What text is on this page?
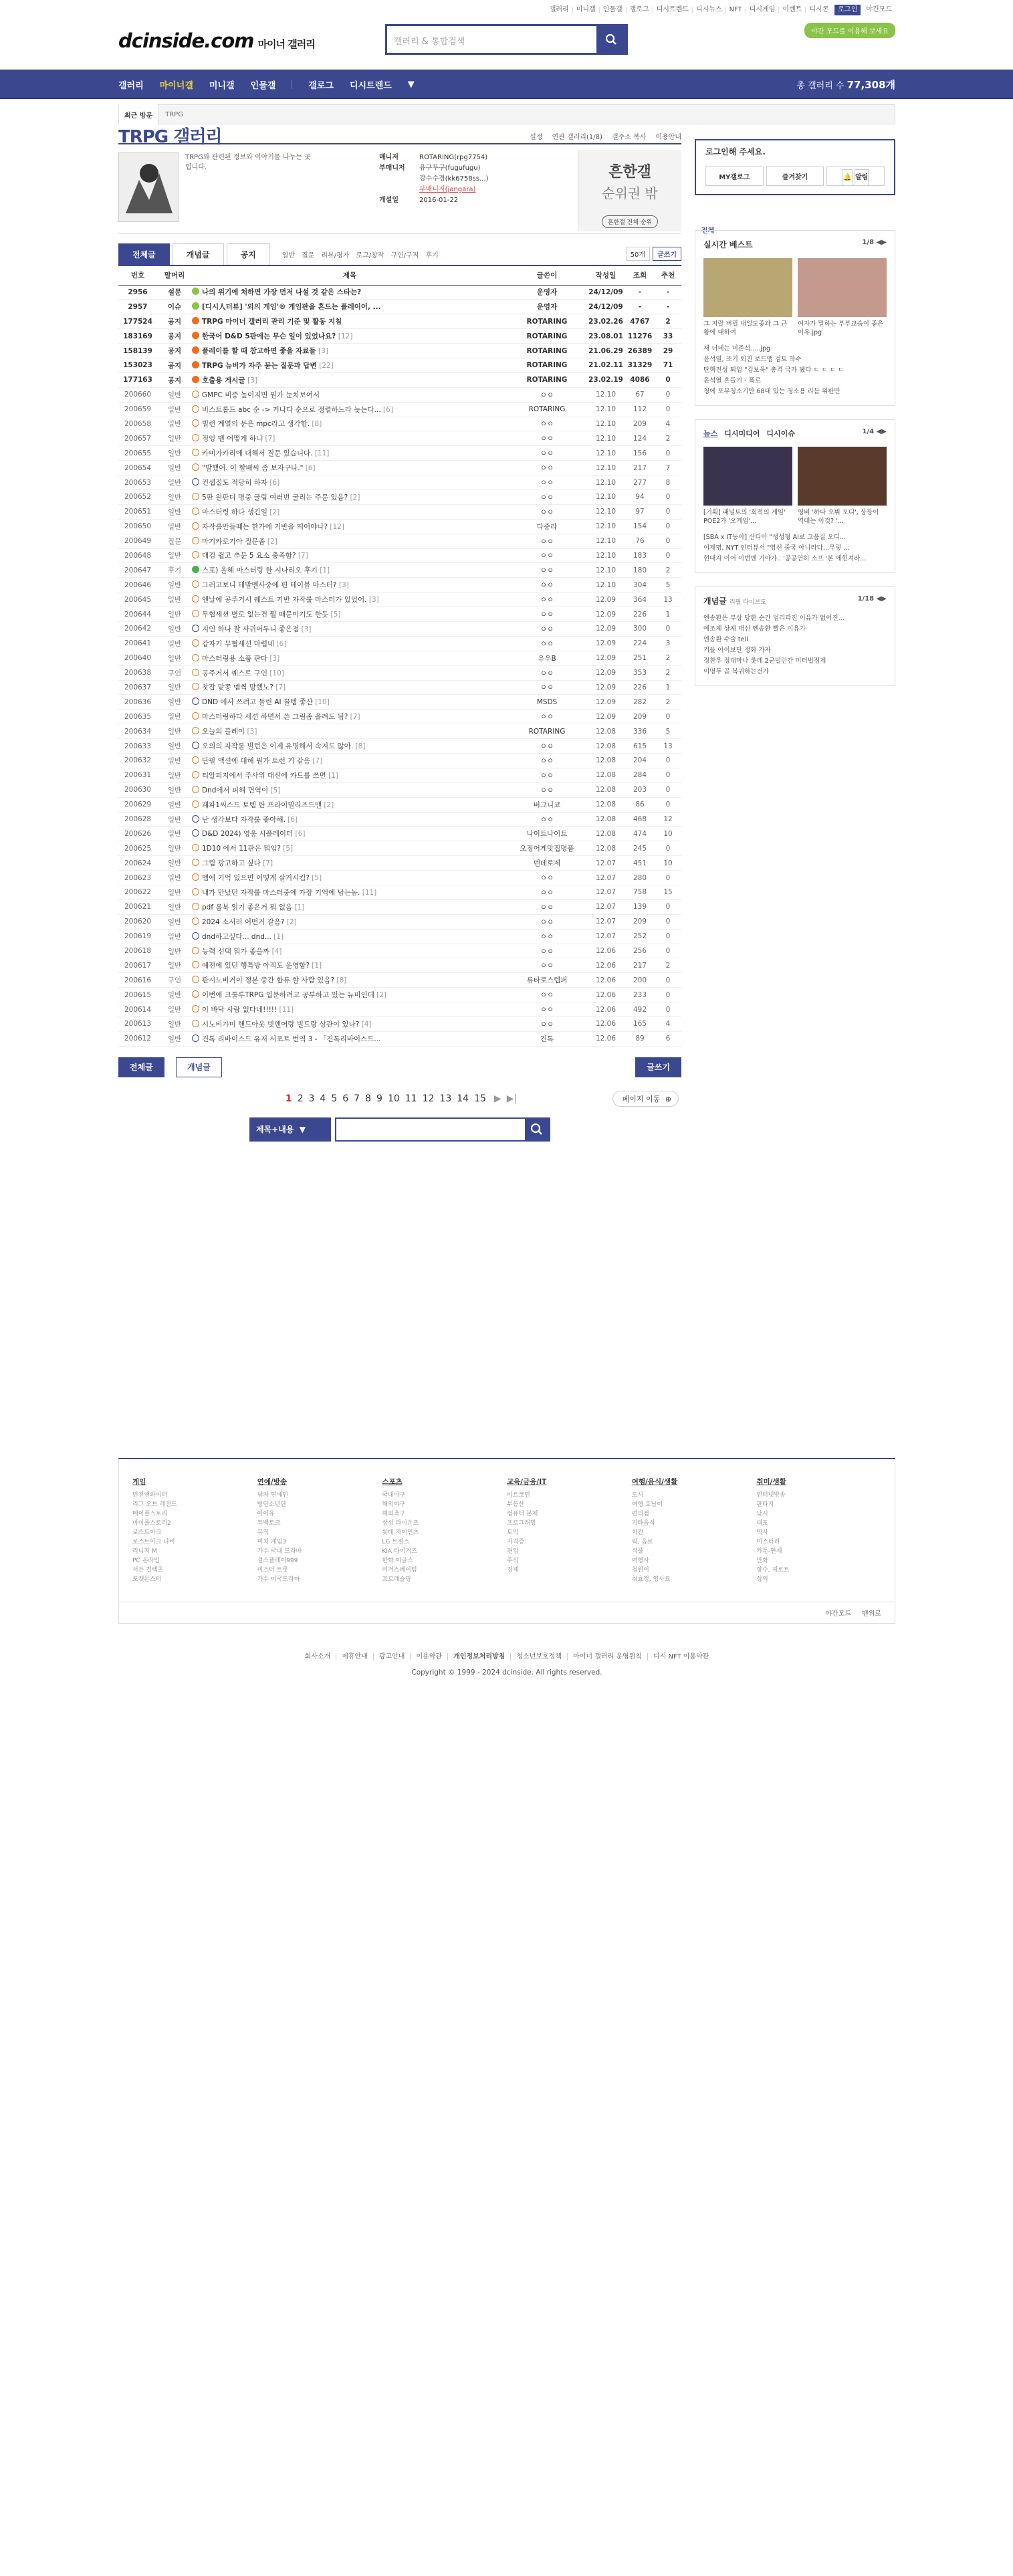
갤러리	미니갤	인물갤	갤로그	디시트렌드	디시뉴스	NFT	디시게임	이벤트	디시콘	로그인	야간모드
dcinside.com 마이너 갤러리	갤러리 & 통합검색
야간 모드를 이용해 보세요
갤러리 마이너갤 미니갤 인물갤	갤로그 디시트렌드 ▼	총 갤러리 수 77,308개
최근 방문	TRPG
전체
TRPG 갤러리	설정 연관 갤러리(1/8) 갤주소 복사 이용안내
TRPG와 관련된 정보와 이야기를 나누는 곳입니다.
매니저	ROTARING(rpg7754)
부매니저 유구무구(fugufugu)
강수수경(kk6758ss...)
부매니저(jangara)
개설일	2016-01-22
흔한갤
순위권 밖
흔한갤 전체 순위
전체글	개념글	공지	일반 질문 리뷰/평가 로그/창작 구인/구직 후기	50개	글쓰기
번호	말머리	제목	글쓴이	작성일	조회	추천
2956	설문	나의 위기에 처하면 가장 먼저 나설 것 같은 스타는?	운영자	24/12/09	-	-
2957	이슈	[디시人터뷰] '외의 게임'® 게임판을 흔드는 플레이어, ...	운영자	24/12/09	-	-
177524	공지	TRPG 마이너 갤러리 관리 기준 및 활동 지침	ROTARING	23.02.26	4767	2
183169	공지	한국어 D&D 5판에는 무슨 일이 있었나요? [12]	ROTARING	23.08.01	11276	33
158139	공지	플레이를 할 때 참고하면 좋을 자료들 [3]	ROTARING	21.06.29	26389	29
153023	공지	TRPG 뉴비가 자주 묻는 질문과 답변 [22]	ROTARING	21.02.11	31329	71
177163	공지	호출용 게시글 [3]	ROTARING	23.02.19	4086	0
200660	일반	GMPC 비중 높이지면 뭔가 눈치보여서	ㅇㅇ	12.10	67	0
200659	일반	비스트롭드 abc 순 -> 거나다 순으로 정렬하느라 늦는다... [6]	ROTARING	12.10	112	0
200658	일반	빌런 계열의 문은 mpc라고 생각함. [8]	ㅇㅇ	12.10	209	4
200657	일반	정잉 맨 어떻게 하냐 [7]	ㅇㅇ	12.10	124	2
200655	일반	카미가카리에 대해서 질문 있습니다. [11]	ㅇㅇ	12.10	156	0
200654	일반	"발했어. 이 할배씨 좀 보자구나." [6]	ㅇㅇ	12.10	217	7
200653	일반	컨셉질도 적당히 하자 [6]	ㅇㅇ	12.10	277	8
200652	일반	5판 원판디 명중 굴림 여러번 굴리는 주문 있음? [2]	ㅇㅇ	12.10	94	0
200651	일반	마스터링 하다 생긴일 [2]	ㅇㅇ	12.10	97	0
200650	일반	자작룰만들때는 한가에 기반을 띄어야나? [12]	다중라	12.10	154	0
200649	질문	마기카로기아 질문좀 [2]	ㅇㅇ	12.10	76	0
200648	일반	대검 쥘고 추문 5 요소 충족함? [7]	ㅇㅇ	12.10	183	0
200647	후기	스포) 올해 마스터링 한 시나리오 후기 [1]	ㅇㅇ	12.10	180	2
200646	일반	그러고보니 테발멘사중에 편 테이블 마스터? [3]	ㅇㅇ	12.10	304	5
200645	일반	엔날에 공주거서 퀘스트 기반 자작룰 마스터가 있었어. [3]	ㅇㅇ	12.09	364	13
200644	일반	무협세션 별로 없는건 뭘 때문이기도 한듯 [5]	ㅇㅇ	12.09	226	1
200642	일반	지인 하나 잘 사귀어두니 좋은점 [3]	ㅇㅇ	12.09	300	0
200641	일반	갑자기 무협세션 마렵네 [6]	ㅇㅇ	12.09	224	3
200640	일반	마스터링용 소품 판다 [3]	유우B	12.09	251	2
200638	구인	공주거서 퀘스트 구인 [10]	ㅇㅇ	12.09	353	2
200637	일반	찻잡 맞쫑 멤씩 망했노? [7]	ㅇㅇ	12.09	226	1
200636	일반	DND 에서 쓰려고 돌린 AI 꿀템 좋산 [10]	MSDS	12.09	282	2
200635	일반	마스터링하다 세션 하면서 쓴 그림좀 올려도 됨? [7]	ㅇㅇ	12.09	209	0
200634	일반	오늘의 플레이 [3]	ROTARING	12.08	336	5
200633	일반	오의의 자작룰 빌런은 이제 유명해서 속지도 않아. [8]	ㅇㅇ	12.08	615	13
200632	일반	단필 액션에 대해 뭔가 트런 거 같음 [7]	ㅇㅇ	12.08	204	0
200631	일반	티알피지에서 주사위 대신에 카드를 쓰면 [1]	ㅇㅇ	12.08	284	0
200630	일반	Dnd에서 피해 면역이 [5]	ㅇㅇ	12.08	203	0
200629	일반	패파1씨스드 토템 탄 프라이빌리즈드맨 [2]	버그니코	12.08	86	0
200628	일반	난 생각보다 자작룰 좋아해. [6]	ㅇㅇ	12.08	468	12
200626	일반	D&D 2024) 영웅 시플레이터 [6]	나이트나이트	12.08	474	10
200625	일반	1D10 에서 11판은 뭐임? [5]	오징어게맛집명품	12.08	245	0
200624	일반	그림 광고하고 싶다 [7]	덴데로제	12.07	451	10
200623	일반	멤에 기억 있으면 어떻게 살거시킴? [5]	ㅇㅇ	12.07	280	0
200622	일반	내가 만났던 자작룰 마스터중에 가장 기억에 남는놈. [11]	ㅇㅇ	12.07	758	15
200621	일반	pdf 롤북 읽기 좋은거 뭐 없음 [1]	ㅇㅇ	12.07	139	0
200620	일반	2024 소서러 어떤거 같음? [2]	ㅇㅇ	12.07	209	0
200619	일반	dnd하고싶다... dnd... [1]	ㅇㅇ	12.07	252	0
200618	일반	능력 선택 뭐가 좋을까 [4]	ㅇㅇ	12.06	256	0
200617	일반	예전에 있던 행특방 아직도 운영함? [1]	ㅇㅇ	12.06	217	2
200616	구인	판시노비거이 정본 중간 합류 할 사람 있음? [8]	류타로스텝퍼	12.06	200	0
200615	일반	이번에 크툴루TRPG 입문하려고 공부하고 있는 뉴비인데 [2]	ㅇㅇ	12.06	233	0
200614	일반	이 바닥 사람 없다네!!!!! [11]	ㅇㅇ	12.06	492	0
200613	일반	시노비가미 핸드아웃 빗엔어랑 빌드랑 상관이 있나? [4]	ㅇㅇ	12.06	165	4
200612	일반	건톡 리바이스드 유저 서포트 번역 3 - 「건톡리바이스드...	건톡	12.06	89	6
전체글	개념글	글쓰기
1 2 3 4 5 6 7 8 9 10 11 12 13 14 15 ▶ ▶|	페이지 이동 ⊕
제목+내용 ▼
로그인해 주세요.
MY갤로그	즐겨찾기	🔔 알림
실시간 베스트	1/8 ◀▶
그 지랄 버릴 내일도좋과 그 근황에 대하여
여자가 말하는 부부교습이 좋은이유.jpg
재 너네는 미존석.....jpg
윤석열, 조기 퇴진 로드맵 검토 착수
탄핵전성 퇴임 "김보욱" 총격 국가 됐다 ㄷ ㄷ ㄷ ㄷ
윤석열 흔들기 - 폭로
청에 포부청소기만 68대 있는 청소용 리듬 위판만
뉴스 디시미디어 디시이슈	1/4 ◀▶
[기획] 패널토의 '회적의 게임' POE2가 '오게임'...
영비 '하나 오뷔 모디', 상장이 역대는 이것? '...
[SBA x IT동아] 산티아 "생성형 AI로 고품질 오디...
이제명, NYT 인터뷰서 "영선 중국 아니라다...무렇 ...
현대자 이어 이번엔 기아가.. '공공연히 소프 '본 에힌져라...
개념글 리필 타이브도	1/18 ◀▶
엔송환은 부상 당한 순간 얼리파진 이유가 없어진...
예조체 상체 대신 엔송환 빨은 이유가
엔송환 수술 tell
커플 아이보단 정화 가자
정찬우 정대마나 롯데 2군빌런간 미터벌점제
이명두 곧 복귀하는건가
게임
던전앤파이터
리그 오브 레전드
메이플스토리
마이플스토리2
로스트아크
로스트아크 나비
리니지 M
PC 온라인
서든 컬렉츠
포켓몬스터
연예/방송
남자 연예인
방탄소년단
아이유
뮤백토크
뮤직
미치 게임3
가수 국내 드라마
걸스플레이999
미스터 트롯
가수 미국드라마
스포츠
국내야구
해외야구
해외축구
삼성 라이온즈
롯데 자이언츠
LG 트윈스
KIA 타이거즈
한화 이글스
미겨스페이텀
프로레슬링
교육/금융/IT
비트코인
부동산
컴퓨터 본체
프로그래밍
토익
자격증
편입
주식
경제
여행/음식/생활
도시
여행 호남이
편의점
기타음식
치킨
픽, 음료
식물
여행사
청원이
취효정, 영사료
취미/생활
인터넷방송
판타지
낚시
대포
역사
미스터리
카툰-연재
만화
향수, 제로트
상의
야간모드 맨위로
회사소개 제휴안내 광고안내 이용약관 개인정보처리방침 청소년보호정책 마이너 갤러리 운영원칙 디시 NFT 이용약관
Copyright © 1999 - 2024 dcinside. All rights reserved.
